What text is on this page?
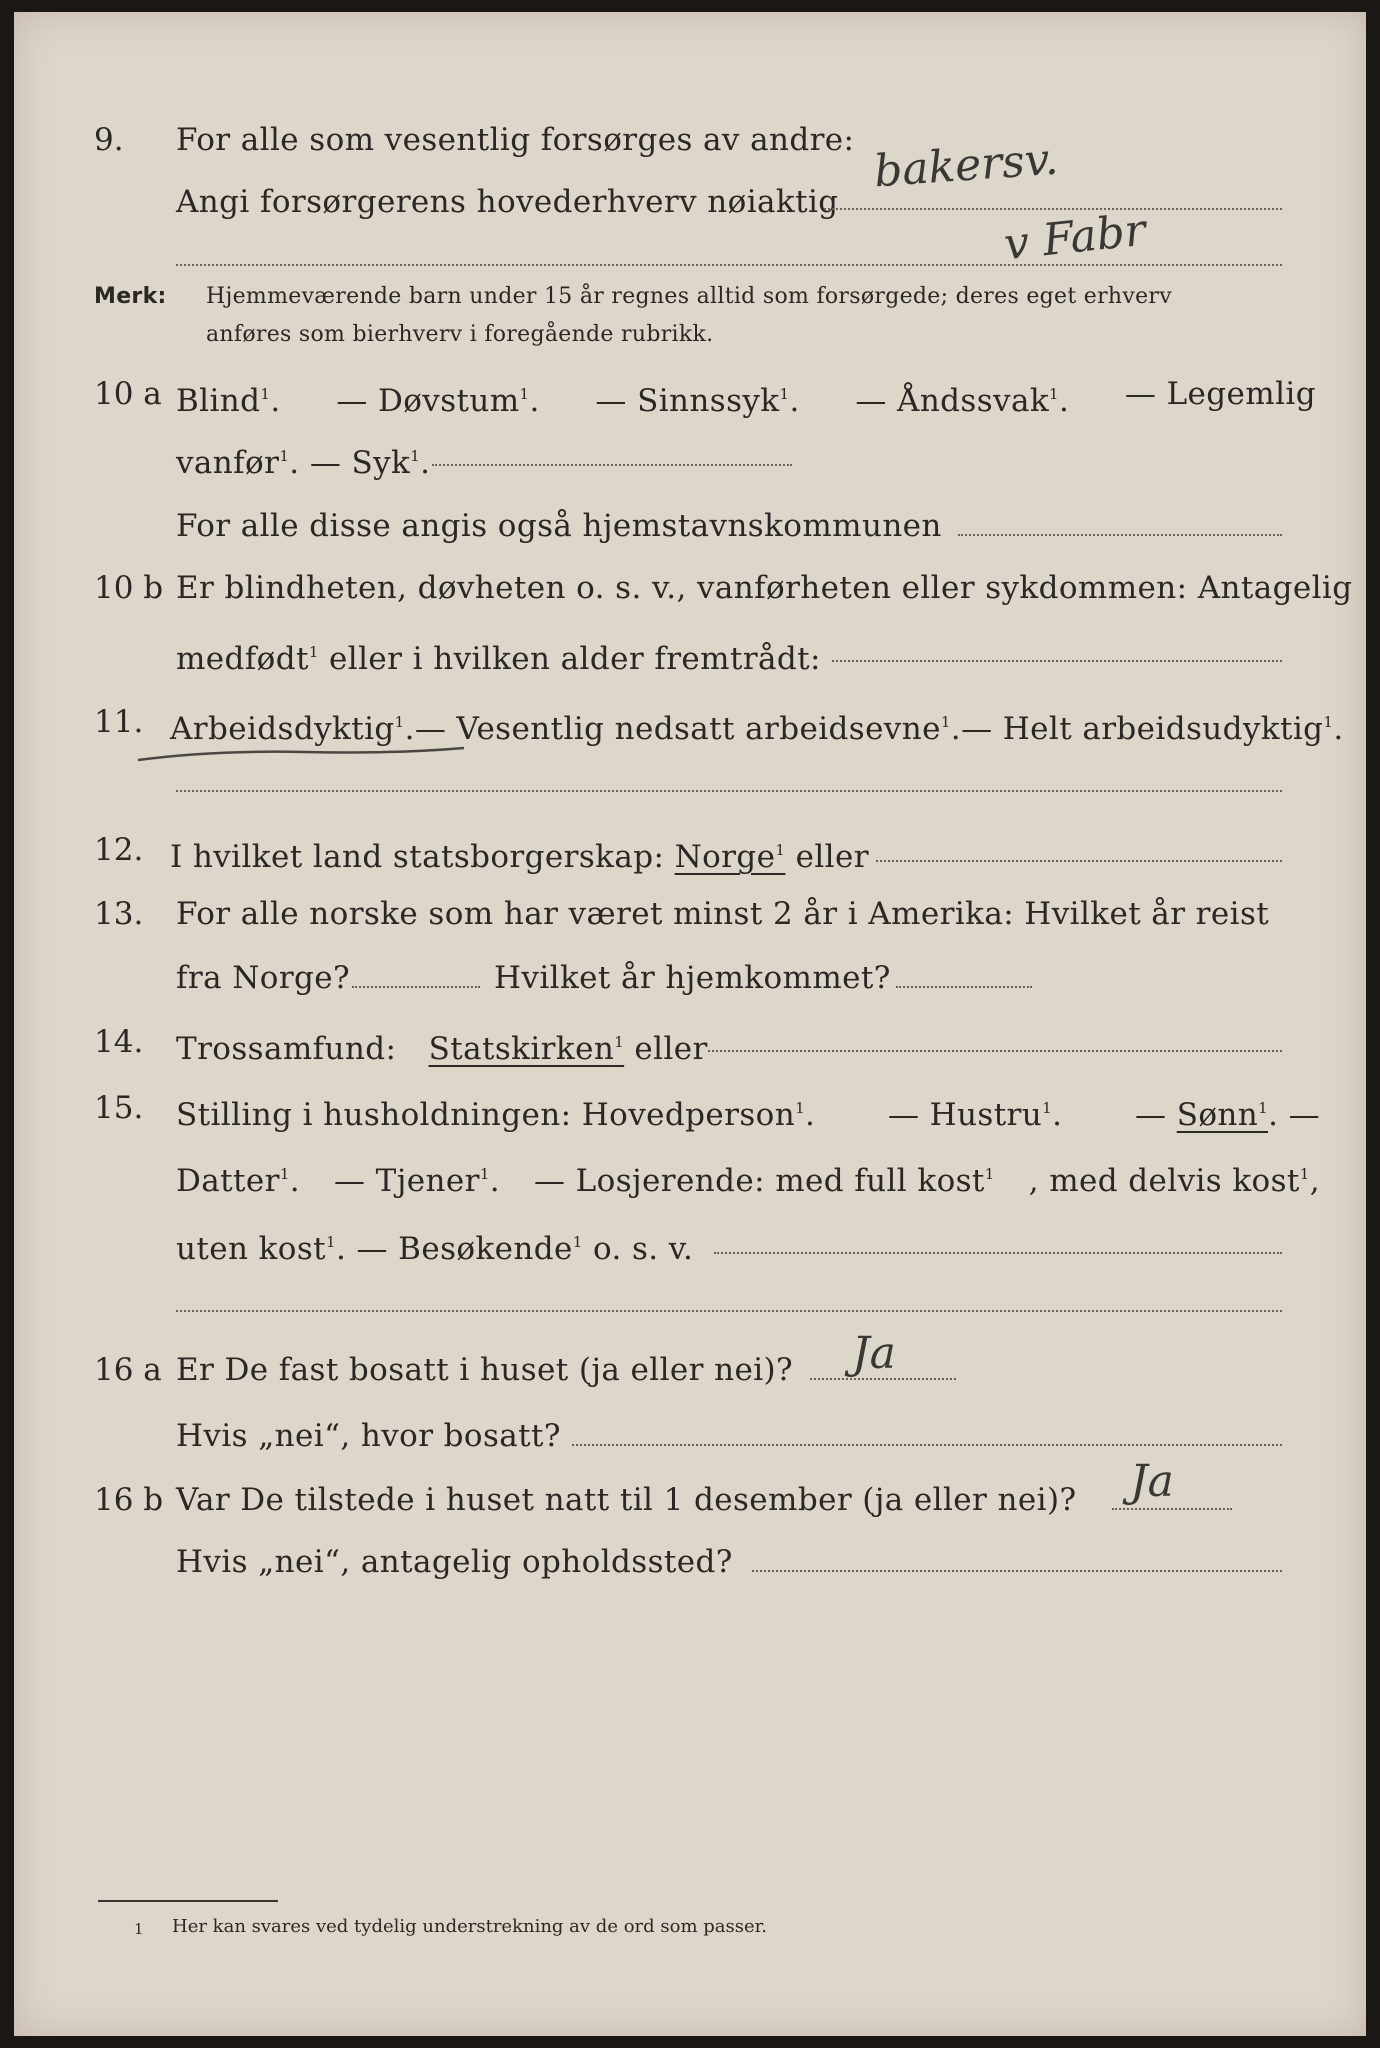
9. For alle som vesentlig forsørges av andre:
Angi forsørgerens hovederhverv nøiaktig
bakersv.
v Fabr
Merk: Hjemmeværende barn under 15 år regnes alltid som forsørgede; deres eget erhverv
anføres som bierhverv i foregående rubrikk.
10 a Blind$^1$. — Døvstum$^1$. — Sinnssyk$^1$. — Åndssvak$^1$. — Legemlig
vanfør$^1$. — Syk$^1$.
For alle disse angis også hjemstavnskommunen
10 b Er blindheten, døvheten o. s. v., vanførheten eller sykdommen: Antagelig
medfødt$^1$ eller i hvilken alder fremtrådt:
11. Arbeidsdyktig$^1$. — Vesentlig nedsatt arbeidsevne$^1$. — Helt arbeidsudyktig$^1$.
12. I hvilket land statsborgerskap: Norge$^1$ eller
13. For alle norske som har været minst 2 år i Amerika: Hvilket år reist
fra Norge?	Hvilket år hjemkommet?
14. Trossamfund: Statskirken$^1$ eller
15. Stilling i husholdningen: Hovedperson$^1$. — Hustru$^1$. — Sønn$^1$. —
Datter$^1$. — Tjener$^1$. — Losjerende: med full kost$^1$ , med delvis kost$^1$,
uten kost$^1$. — Besøkende$^1$ o. s. v.
16 a Er De fast bosatt i huset (ja eller nei)? Ja
Hvis „nei“, hvor bosatt?
16 b Var De tilstede i huset natt til 1 desember (ja eller nei)? Ja
Hvis „nei“, antagelig opholdssted?
1 Her kan svares ved tydelig understrekning av de ord som passer.
